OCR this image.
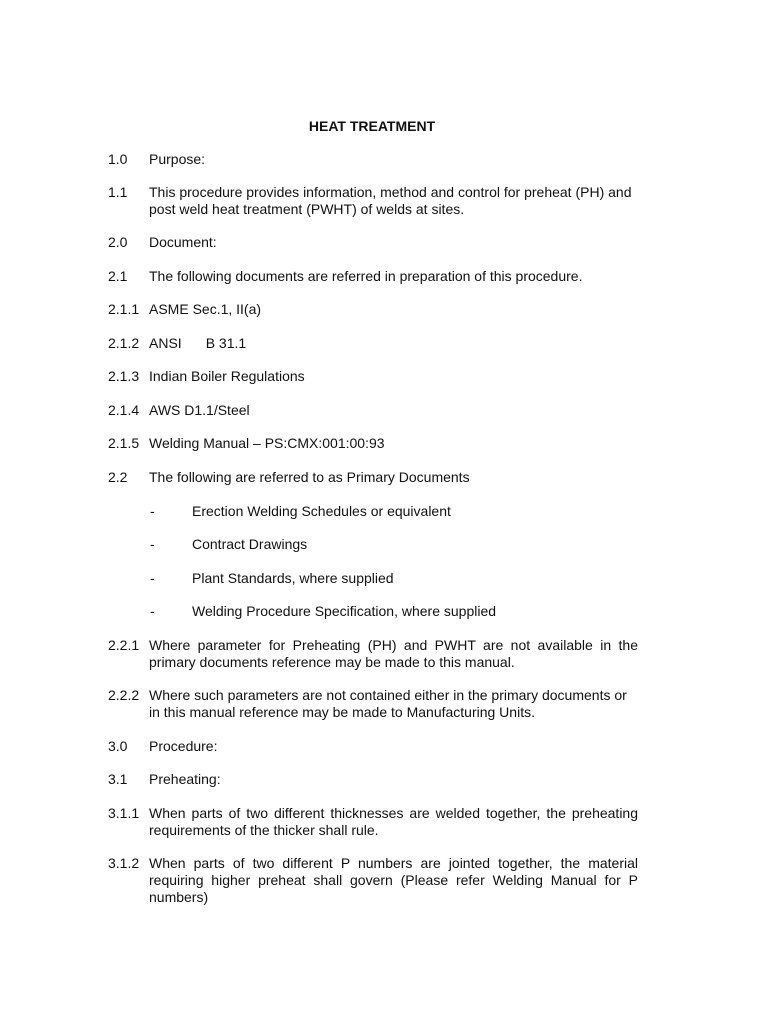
HEAT TREATMENT
1.0	Purpose:
1.1	This procedure provides information, method and control for preheat (PH) and post weld heat treatment (PWHT) of welds at sites.
2.0	Document:
2.1	The following documents are referred in preparation of this procedure.
2.1.1 ASME Sec.1, II(a)
2.1.2 ANSI B 31.1
2.1.3 Indian Boiler Regulations
2.1.4 AWS D1.1/Steel
2.1.5 Welding Manual – PS:CMX:001:00:93
2.2	The following are referred to as Primary Documents
-	Erection Welding Schedules or equivalent
-	Contract Drawings
-	Plant Standards, where supplied
-	Welding Procedure Specification, where supplied
2.2.1 Where parameter for Preheating (PH) and PWHT are not available in the primary documents reference may be made to this manual.
2.2.2 Where such parameters are not contained either in the primary documents or in this manual reference may be made to Manufacturing Units.
3.0	Procedure:
3.1	Preheating:
3.1.1 When parts of two different thicknesses are welded together, the preheating requirements of the thicker shall rule.
3.1.2 When parts of two different P numbers are jointed together, the material requiring higher preheat shall govern (Please refer Welding Manual for P numbers)
